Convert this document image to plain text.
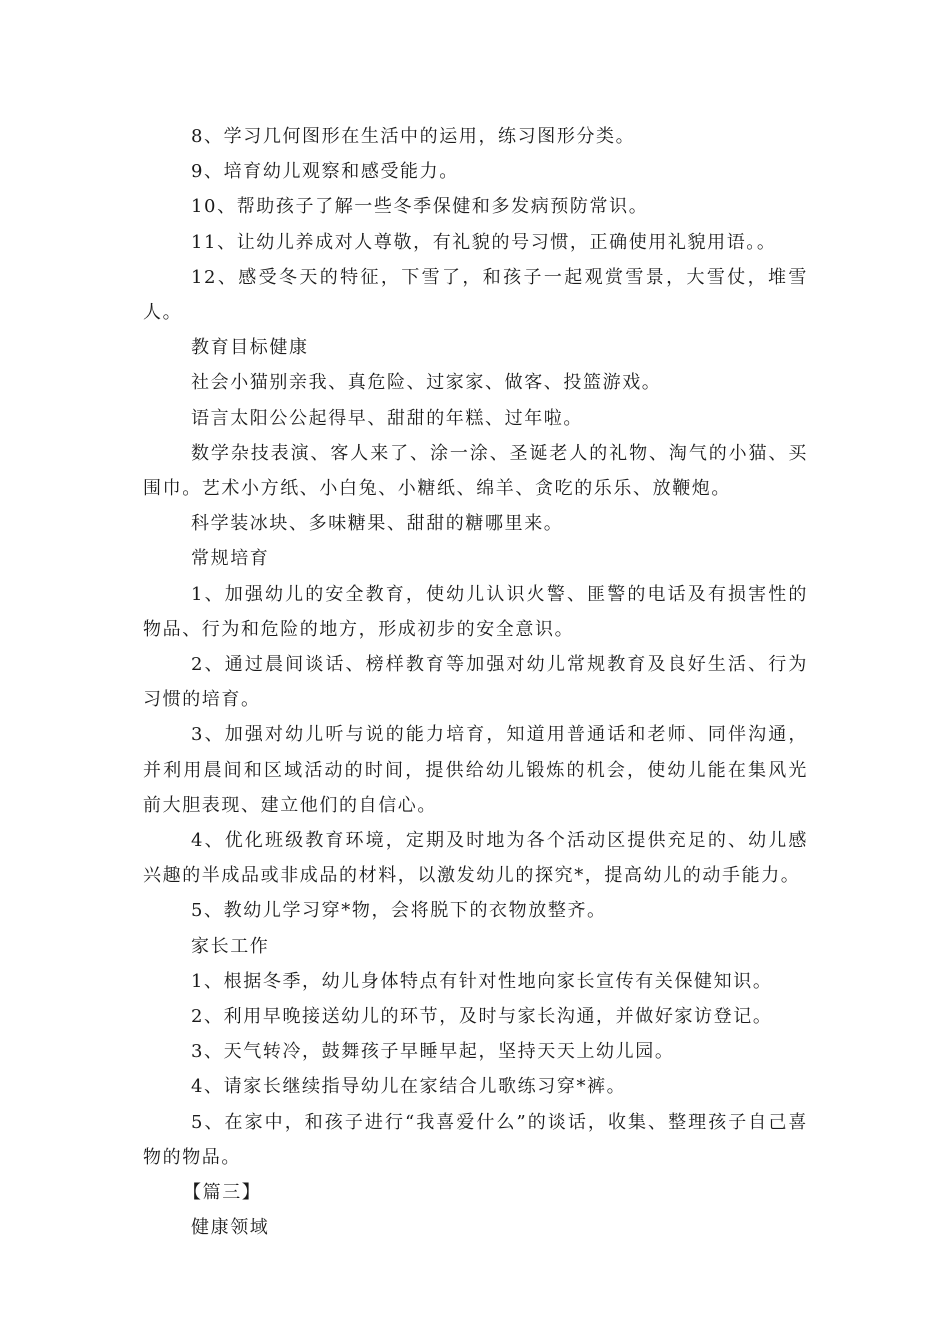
8、学习几何图形在生活中的运用，练习图形分类。

9、培育幼儿观察和感受能力。

10、帮助孩子了解一些冬季保健和多发病预防常识。

11、让幼儿养成对人尊敬，有礼貌的号习惯，正确使用礼貌用语。。

12、感受冬天的特征，下雪了，和孩子一起观赏雪景，大雪仗，堆雪人。

教育目标健康

社会小猫别亲我、真危险、过家家、做客、投篮游戏。

语言太阳公公起得早、甜甜的年糕、过年啦。

数学杂技表演、客人来了、涂一涂、圣诞老人的礼物、淘气的小猫、买围巾。艺术小方纸、小白兔、小糖纸、绵羊、贪吃的乐乐、放鞭炮。

科学装冰块、多味糖果、甜甜的糖哪里来。

常规培育

1、加强幼儿的安全教育，使幼儿认识火警、匪警的电话及有损害性的物品、行为和危险的地方，形成初步的安全意识。

2、通过晨间谈话、榜样教育等加强对幼儿常规教育及良好生活、行为习惯的培育。

3、加强对幼儿听与说的能力培育，知道用普通话和老师、同伴沟通，并利用晨间和区域活动的时间，提供给幼儿锻炼的机会，使幼儿能在集风光前大胆表现、建立他们的自信心。

4、优化班级教育环境，定期及时地为各个活动区提供充足的、幼儿感兴趣的半成品或非成品的材料，以激发幼儿的探究*，提高幼儿的动手能力。

5、教幼儿学习穿*物，会将脱下的衣物放整齐。

家长工作

1、根据冬季，幼儿身体特点有针对性地向家长宣传有关保健知识。

2、利用早晚接送幼儿的环节，及时与家长沟通，并做好家访登记。

3、天气转冷，鼓舞孩子早睡早起，坚持天天上幼儿园。

4、请家长继续指导幼儿在家结合儿歌练习穿*裤。

5、在家中，和孩子进行“我喜爱什么”的谈话，收集、整理孩子自己喜物的物品。

【篇三】

健康领域
